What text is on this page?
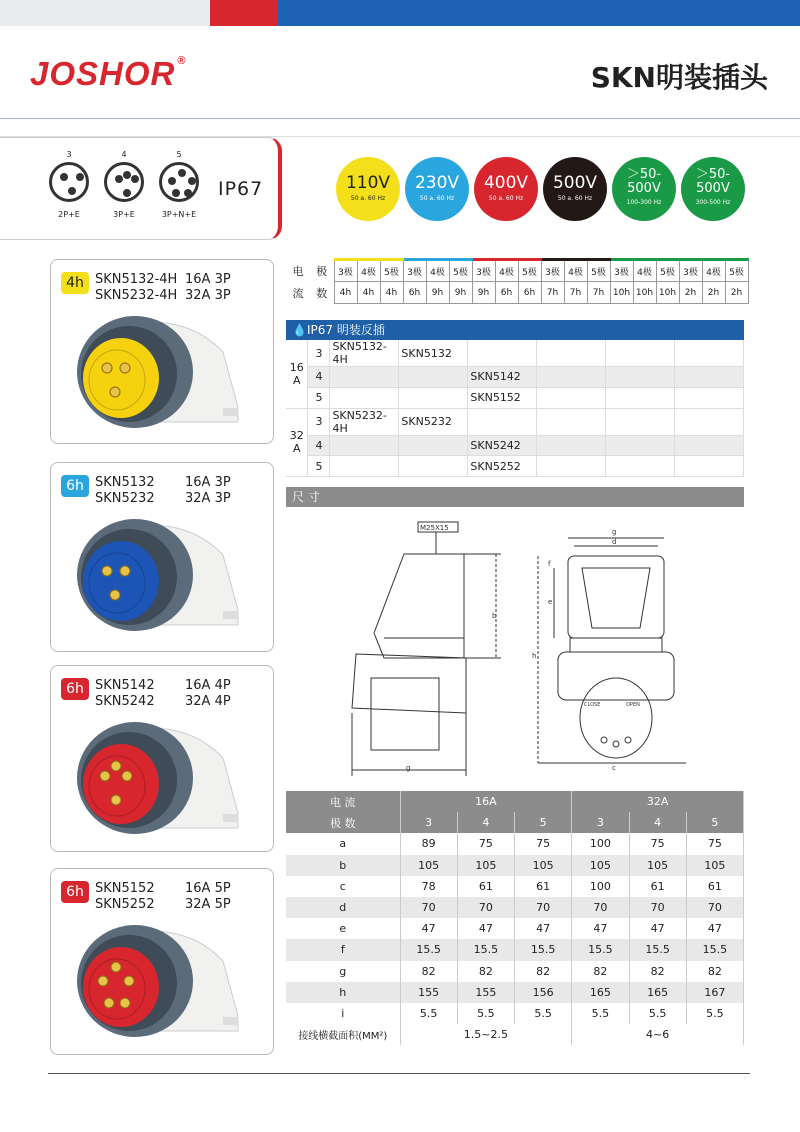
JOSHOR ®	SKN明装插头
3
2P+E
4
3P+E
5
3P+N+E
IP67	110V
50 a. 60 Hz
230V
50 a. 60 Hz
400V
50 a. 60 Hz
500V
50 a. 60 Hz
＞50-500V
100-300 Hz
＞50-500V
300-500 Hz
4h SKN5132-4H
SKN5232-4H
16A 3P
32A 3P
6h SKN5132
SKN5232
16A 3P
32A 3P
6h SKN5142
SKN5242
16A 4P
32A 4P
6h SKN5152
SKN5252
16A 5P
32A 5P
电	极	3极	4极	5极	3极	4极	5极	3极	4极	5极	3极	4极	5极	3极	4极	5极	3极	4极	5极
流	数	4h	4h	4h	6h	9h	9h	9h	6h	6h	7h	7h	7h	10h	10h	10h	2h	2h	2h
💧IP67 明装反插
16
A	3	SKN5132-4H	SKN5132				
	4			SKN5142			
	5			SKN5152			
32
A	3	SKN5232-4H	SKN5232				
	4			SKN5242			
	5			SKN5252			
尺 寸
M25X15
b
g
g
d
f
e
h
c
CLOSE	OPEN
电 流	16A			32A		
极 数	3	4	5	3	4	5
a	89	75	75	100	75	75
b	105	105	105	105	105	105
c	78	61	61	100	61	61
d	70	70	70	70	70	70
e	47	47	47	47	47	47
f	15.5	15.5	15.5	15.5	15.5	15.5
g	82	82	82	82	82	82
h	155	155	156	165	165	167
i	5.5	5.5	5.5	5.5	5.5	5.5
接线横截面积(MM²)	1.5~2.5			4~6		
